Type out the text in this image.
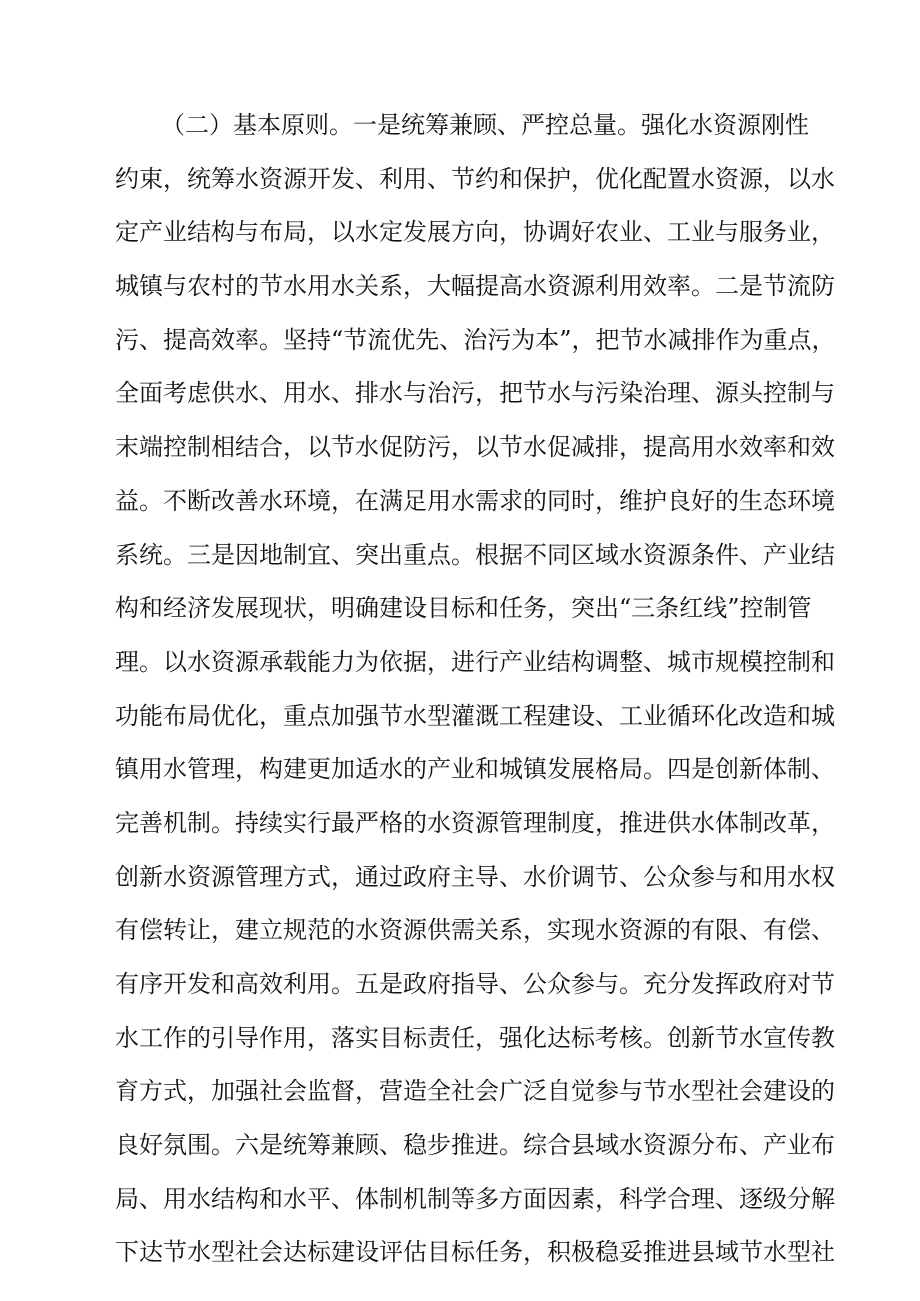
（二）基本原则。一是统筹兼顾、严控总量。强化水资源刚性
约束，统筹水资源开发、利用、节约和保护，优化配置水资源，以水
定产业结构与布局，以水定发展方向，协调好农业、工业与服务业，
城镇与农村的节水用水关系，大幅提高水资源利用效率。二是节流防
污、提高效率。坚持“节流优先、治污为本”，把节水减排作为重点，
全面考虑供水、用水、排水与治污，把节水与污染治理、源头控制与
末端控制相结合，以节水促防污，以节水促减排，提高用水效率和效
益。不断改善水环境，在满足用水需求的同时，维护良好的生态环境
系统。三是因地制宜、突出重点。根据不同区域水资源条件、产业结
构和经济发展现状，明确建设目标和任务，突出“三条红线”控制管
理。以水资源承载能力为依据，进行产业结构调整、城市规模控制和
功能布局优化，重点加强节水型灌溉工程建设、工业循环化改造和城
镇用水管理，构建更加适水的产业和城镇发展格局。四是创新体制、
完善机制。持续实行最严格的水资源管理制度，推进供水体制改革，
创新水资源管理方式，通过政府主导、水价调节、公众参与和用水权
有偿转让，建立规范的水资源供需关系，实现水资源的有限、有偿、
有序开发和高效利用。五是政府指导、公众参与。充分发挥政府对节
水工作的引导作用，落实目标责任，强化达标考核。创新节水宣传教
育方式，加强社会监督，营造全社会广泛自觉参与节水型社会建设的
良好氛围。六是统筹兼顾、稳步推进。综合县域水资源分布、产业布
局、用水结构和水平、体制机制等多方面因素，科学合理、逐级分解
下达节水型社会达标建设评估目标任务，积极稳妥推进县域节水型社
